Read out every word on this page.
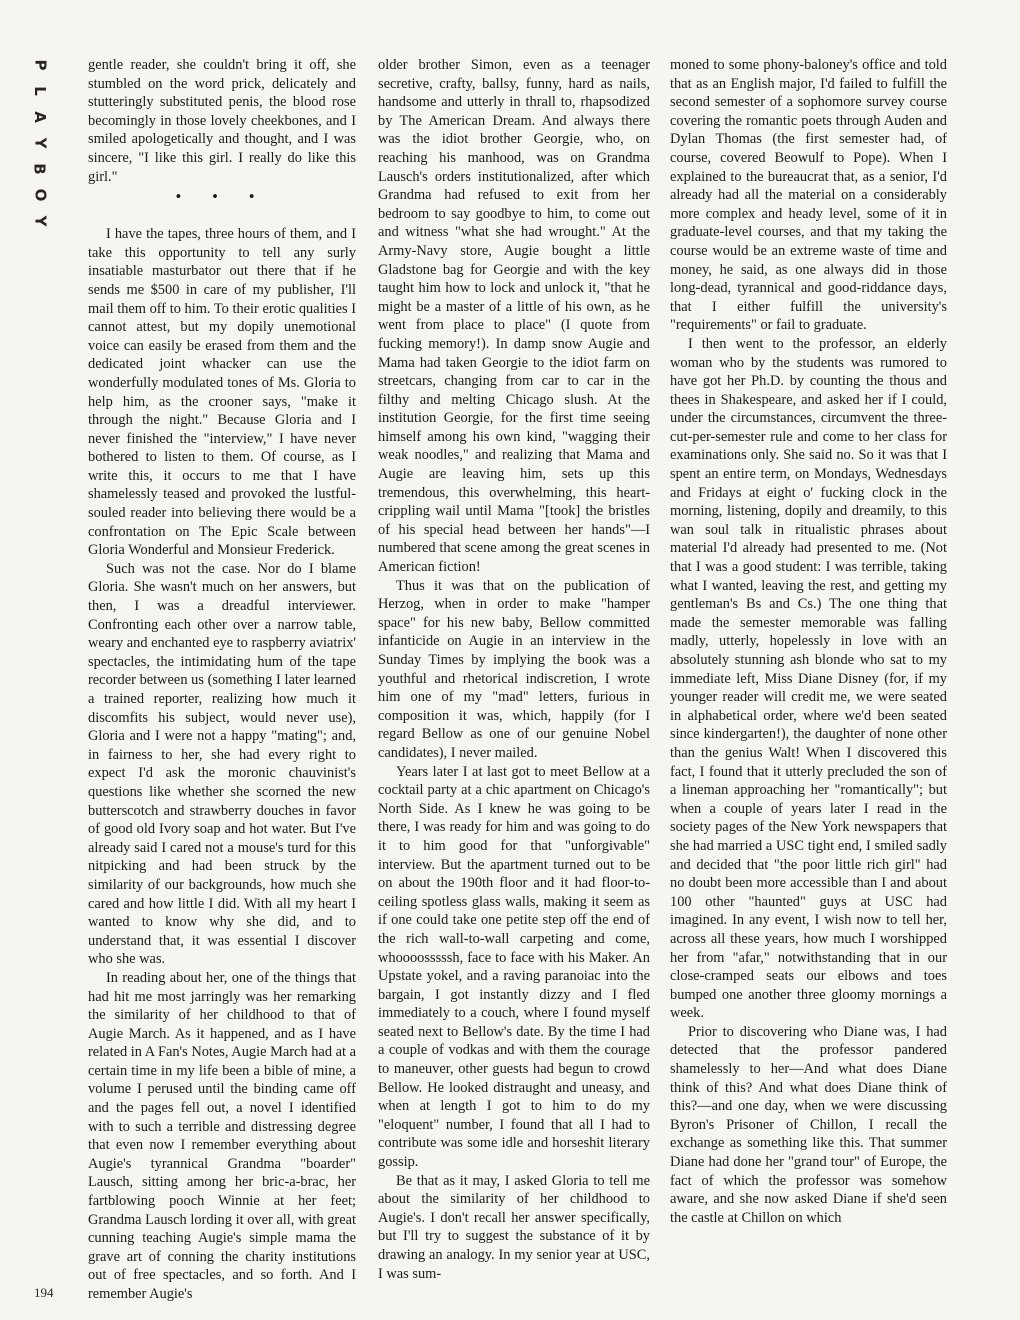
P
L
A
Y
B
O
Y

gentle reader, she couldn't bring it off, she stumbled on the word prick, delicately and stutteringly substituted penis, the blood rose becomingly in those lovely cheekbones, and I smiled apologetically and thought, and I was sincere, "I like this girl. I really do like this girl."

• • •

I have the tapes, three hours of them, and I take this opportunity to tell any surly insatiable masturbator out there that if he sends me $500 in care of my publisher, I'll mail them off to him. To their erotic qualities I cannot attest, but my dopily unemotional voice can easily be erased from them and the dedicated joint whacker can use the wonderfully modulated tones of Ms. Gloria to help him, as the crooner says, "make it through the night." Because Gloria and I never finished the "interview," I have never bothered to listen to them. Of course, as I write this, it occurs to me that I have shamelessly teased and provoked the lustful-souled reader into believing there would be a confrontation on The Epic Scale between Gloria Wonderful and Monsieur Frederick.

Such was not the case. Nor do I blame Gloria. She wasn't much on her answers, but then, I was a dreadful interviewer. Confronting each other over a narrow table, weary and enchanted eye to raspberry aviatrix' spectacles, the intimidating hum of the tape recorder between us (something I later learned a trained reporter, realizing how much it discomfits his subject, would never use), Gloria and I were not a happy "mating"; and, in fairness to her, she had every right to expect I'd ask the moronic chauvinist's questions like whether she scorned the new butterscotch and strawberry douches in favor of good old Ivory soap and hot water. But I've already said I cared not a mouse's turd for this nitpicking and had been struck by the similarity of our backgrounds, how much she cared and how little I did. With all my heart I wanted to know why she did, and to understand that, it was essential I discover who she was.

In reading about her, one of the things that had hit me most jarringly was her remarking the similarity of her childhood to that of Augie March. As it happened, and as I have related in A Fan's Notes, Augie March had at a certain time in my life been a bible of mine, a volume I perused until the binding came off and the pages fell out, a novel I identified with to such a terrible and distressing degree that even now I remember everything about Augie's tyrannical Grandma "boarder" Lausch, sitting among her bric-a-brac, her fartblowing pooch Winnie at her feet; Grandma Lausch lording it over all, with great cunning teaching Augie's simple mama the grave art of conning the charity institutions out of free spectacles, and so forth. And I remember Augie's

older brother Simon, even as a teenager secretive, crafty, ballsy, funny, hard as nails, handsome and utterly in thrall to, rhapsodized by The American Dream. And always there was the idiot brother Georgie, who, on reaching his manhood, was on Grandma Lausch's orders institutionalized, after which Grandma had refused to exit from her bedroom to say goodbye to him, to come out and witness "what she had wrought." At the Army-Navy store, Augie bought a little Gladstone bag for Georgie and with the key taught him how to lock and unlock it, "that he might be a master of a little of his own, as he went from place to place" (I quote from fucking memory!). In damp snow Augie and Mama had taken Georgie to the idiot farm on streetcars, changing from car to car in the filthy and melting Chicago slush. At the institution Georgie, for the first time seeing himself among his own kind, "wagging their weak noodles," and realizing that Mama and Augie are leaving him, sets up this tremendous, this overwhelming, this heart-crippling wail until Mama "[took] the bristles of his special head between her hands"—I numbered that scene among the great scenes in American fiction!

Thus it was that on the publication of Herzog, when in order to make "hamper space" for his new baby, Bellow committed infanticide on Augie in an interview in the Sunday Times by implying the book was a youthful and rhetorical indiscretion, I wrote him one of my "mad" letters, furious in composition it was, which, happily (for I regard Bellow as one of our genuine Nobel candidates), I never mailed.

Years later I at last got to meet Bellow at a cocktail party at a chic apartment on Chicago's North Side. As I knew he was going to be there, I was ready for him and was going to do it to him good for that "unforgivable" interview. But the apartment turned out to be on about the 190th floor and it had floor-to-ceiling spotless glass walls, making it seem as if one could take one petite step off the end of the rich wall-to-wall carpeting and come, whoooosssssh, face to face with his Maker. An Upstate yokel, and a raving paranoiac into the bargain, I got instantly dizzy and I fled immediately to a couch, where I found myself seated next to Bellow's date. By the time I had a couple of vodkas and with them the courage to maneuver, other guests had begun to crowd Bellow. He looked distraught and uneasy, and when at length I got to him to do my "eloquent" number, I found that all I had to contribute was some idle and horseshit literary gossip.

Be that as it may, I asked Gloria to tell me about the similarity of her childhood to Augie's. I don't recall her answer specifically, but I'll try to suggest the substance of it by drawing an analogy. In my senior year at USC, I was sum-

moned to some phony-baloney's office and told that as an English major, I'd failed to fulfill the second semester of a sophomore survey course covering the romantic poets through Auden and Dylan Thomas (the first semester had, of course, covered Beowulf to Pope). When I explained to the bureaucrat that, as a senior, I'd already had all the material on a considerably more complex and heady level, some of it in graduate-level courses, and that my taking the course would be an extreme waste of time and money, he said, as one always did in those long-dead, tyrannical and good-riddance days, that I either fulfill the university's "requirements" or fail to graduate.

I then went to the professor, an elderly woman who by the students was rumored to have got her Ph.D. by counting the thous and thees in Shakespeare, and asked her if I could, under the circumstances, circumvent the three-cut-per-semester rule and come to her class for examinations only. She said no. So it was that I spent an entire term, on Mondays, Wednesdays and Fridays at eight o' fucking clock in the morning, listening, dopily and dreamily, to this wan soul talk in ritualistic phrases about material I'd already had presented to me. (Not that I was a good student: I was terrible, taking what I wanted, leaving the rest, and getting my gentleman's Bs and Cs.) The one thing that made the semester memorable was falling madly, utterly, hopelessly in love with an absolutely stunning ash blonde who sat to my immediate left, Miss Diane Disney (for, if my younger reader will credit me, we were seated in alphabetical order, where we'd been seated since kindergarten!), the daughter of none other than the genius Walt! When I discovered this fact, I found that it utterly precluded the son of a lineman approaching her "romantically"; but when a couple of years later I read in the society pages of the New York newspapers that she had married a USC tight end, I smiled sadly and decided that "the poor little rich girl" had no doubt been more accessible than I and about 100 other "haunted" guys at USC had imagined. In any event, I wish now to tell her, across all these years, how much I worshipped her from "afar," notwithstanding that in our close-cramped seats our elbows and toes bumped one another three gloomy mornings a week.

Prior to discovering who Diane was, I had detected that the professor pandered shamelessly to her—And what does Diane think of this? And what does Diane think of this?—and one day, when we were discussing Byron's Prisoner of Chillon, I recall the exchange as something like this. That summer Diane had done her "grand tour" of Europe, the fact of which the professor was somehow aware, and she now asked Diane if she'd seen the castle at Chillon on which

194
